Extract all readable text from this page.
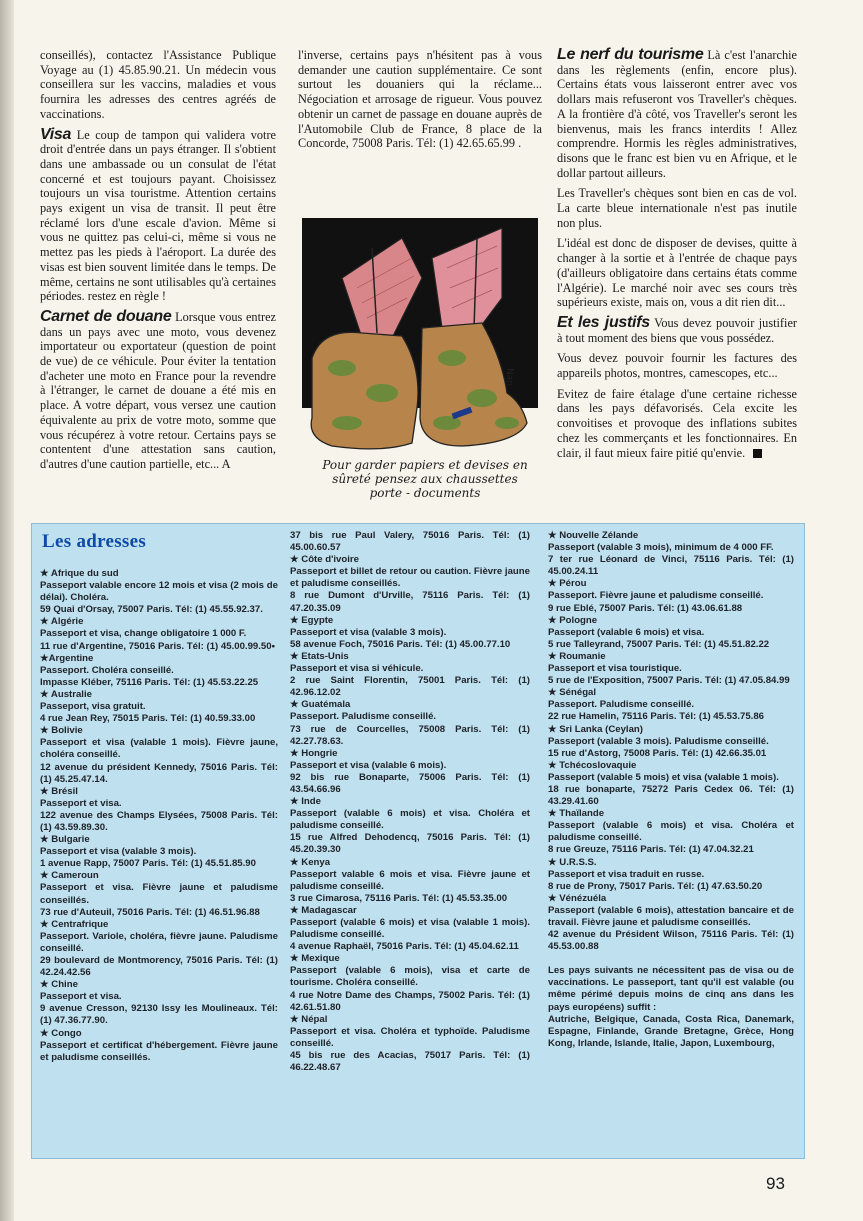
conseillés), contactez l'Assistance Publique Voyage au (1) 45.85.90.21. Un médecin vous conseillera sur les vaccins, maladies et vous fournira les adresses des centres agréés de vaccinations.

Visa Le coup de tampon qui validera votre droit d'entrée dans un pays étranger. Il s'obtient dans une ambassade ou un consulat de l'état concerné et est toujours payant. Choisissez toujours un visa touristme. Attention certains pays exigent un visa de transit. Il peut être réclamé lors d'une escale d'avion. Même si vous ne quittez pas celui-ci, même si vous ne mettez pas les pieds à l'aéroport. La durée des visas est bien souvent limitée dans le temps. De même, certains ne sont utilisables qu'à certaines périodes. restez en règle !

Carnet de douane Lorsque vous entrez dans un pays avec une moto, vous devenez importateur ou exportateur (question de point de vue) de ce véhicule. Pour éviter la tentation d'acheter une moto en France pour la revendre à l'étranger, le carnet de douane a été mis en place. A votre départ, vous versez une caution équivalente au prix de votre moto, somme que vous récupérez à votre retour. Certains pays se contentent d'une attestation sans caution, d'autres d'une caution partielle, etc... A

l'inverse, certains pays n'hésitent pas à vous demander une caution supplémentaire. Ce sont surtout les douaniers qui la réclame... Négociation et arrosage de rigueur. Vous pouvez obtenir un carnet de passage en douane auprès de l'Automobile Club de France, 8 place de la Concorde, 75008 Paris. Tél: (1) 42.65.65.99 .

Nan
Pour garder papiers et devises en
sûreté pensez aux chaussettes
porte - documents

Le nerf du tourisme Là c'est l'anarchie dans les règlements (enfin, encore plus). Certains états vous laisseront entrer avec vos dollars mais refuseront vos Traveller's chèques. A la frontière d'à côté, vos Traveller's seront les bienvenus, mais les francs interdits ! Allez comprendre. Hormis les règles administratives, disons que le franc est bien vu en Afrique, et le dollar partout ailleurs.

Les Traveller's chèques sont bien en cas de vol. La carte bleue internationale n'est pas inutile non plus.

L'idéal est donc de disposer de devises, quitte à changer à la sortie et à l'entrée de chaque pays (d'ailleurs obligatoire dans certains états comme l'Algérie). Le marché noir avec ses cours très supérieurs existe, mais on, vous a dit rien dit...

Et les justifs Vous devez pouvoir justifier à tout moment des biens que vous possédez.

Vous devez pouvoir fournir les factures des appareils photos, montres, camescopes, etc...

Evitez de faire étalage d'une certaine richesse dans les pays défavorisés. Cela excite les convoitises et provoque des inflations subites chez les commerçants et les fonctionnaires. En clair, il faut mieux faire pitié qu'envie.

Les adresses
★ Afrique du sud
Passeport valable encore 12 mois et visa (2 mois de délai). Choléra.
59 Quai d'Orsay, 75007 Paris. Tél: (1) 45.55.92.37.
★ Algérie
Passeport et visa, change obligatoire 1 000 F.
11 rue d'Argentine, 75016 Paris. Tél: (1) 45.00.99.50•
★Argentine
Passeport. Choléra conseillé.
Impasse Kléber, 75116 Paris. Tél: (1) 45.53.22.25
★ Australie
Passeport, visa gratuit.
4 rue Jean Rey, 75015 Paris. Tél: (1) 40.59.33.00
★ Bolivie
Passeport et visa (valable 1 mois). Fièvre jaune, choléra conseillé.
12 avenue du président Kennedy, 75016 Paris. Tél: (1) 45.25.47.14.
★ Brésil
Passeport et visa.
122 avenue des Champs Elysées, 75008 Paris. Tél: (1) 43.59.89.30.
★ Bulgarie
Passeport et visa (valable 3 mois).
1 avenue Rapp, 75007 Paris. Tél: (1) 45.51.85.90
★ Cameroun
Passeport et visa. Fièvre jaune et paludisme conseillés.
73 rue d'Auteuil, 75016 Paris. Tél: (1) 46.51.96.88
★ Centrafrique
Passeport. Variole, choléra, fièvre jaune. Paludisme conseillé.
29 boulevard de Montmorency, 75016 Paris. Tél: (1) 42.24.42.56
★ Chine
Passeport et visa.
9 avenue Cresson, 92130 Issy les Moulineaux. Tél: (1) 47.36.77.90.
★ Congo
Passeport et certificat d'hébergement. Fièvre jaune et paludisme conseillés.
37 bis rue Paul Valery, 75016 Paris. Tél: (1) 45.00.60.57
★ Côte d'ivoire
Passeport et billet de retour ou caution. Fièvre jaune et paludisme conseillés.
8 rue Dumont d'Urville, 75116 Paris. Tél: (1) 47.20.35.09
★ Egypte
Passeport et visa (valable 3 mois).
58 avenue Foch, 75016 Paris. Tél: (1) 45.00.77.10
★ Etats-Unis
Passeport et visa si véhicule.
2 rue Saint Florentin, 75001 Paris. Tél: (1) 42.96.12.02
★ Guatémala
Passeport. Paludisme conseillé.
73 rue de Courcelles, 75008 Paris. Tél: (1) 42.27.78.63.
★ Hongrie
Passeport et visa (valable 6 mois).
92 bis rue Bonaparte, 75006 Paris. Tél: (1) 43.54.66.96
★ Inde
Passeport (valable 6 mois) et visa. Choléra et paludisme conseillé.
15 rue Alfred Dehodencq, 75016 Paris. Tél: (1) 45.20.39.30
★ Kenya
Passeport valable 6 mois et visa. Fièvre jaune et paludisme conseillé.
3 rue Cimarosa, 75116 Paris. Tél: (1) 45.53.35.00
★ Madagascar
Passeport (valable 6 mois) et visa (valable 1 mois). Paludisme conseillé.
4 avenue Raphaël, 75016 Paris. Tél: (1) 45.04.62.11
★ Mexique
Passeport (valable 6 mois), visa et carte de tourisme. Choléra conseillé.
4 rue Notre Dame des Champs, 75002 Paris. Tél: (1) 42.61.51.80
★ Népal
Passeport et visa. Choléra et typhoïde. Paludisme conseillé.
45 bis rue des Acacias, 75017 Paris. Tél: (1) 46.22.48.67
★ Nouvelle Zélande
Passeport (valable 3 mois), minimum de 4 000 FF.
7 ter rue Léonard de Vinci, 75116 Paris. Tél: (1) 45.00.24.11
★ Pérou
Passeport. Fièvre jaune et paludisme conseillé.
9 rue Eblé, 75007 Paris. Tél: (1) 43.06.61.88
★ Pologne
Passeport (valable 6 mois) et visa.
5 rue Talleyrand, 75007 Paris. Tél: (1) 45.51.82.22
★ Roumanie
Passeport et visa touristique.
5 rue de l'Exposition, 75007 Paris. Tél: (1) 47.05.84.99
★ Sénégal
Passeport. Paludisme conseillé.
22 rue Hamelin, 75116 Paris. Tél: (1) 45.53.75.86
★ Sri Lanka (Ceylan)
Passeport (valable 3 mois). Paludisme conseillé.
15 rue d'Astorg, 75008 Paris. Tél: (1) 42.66.35.01
★ Tchécoslovaquie
Passeport (valable 5 mois) et visa (valable 1 mois).
18 rue bonaparte, 75272 Paris Cedex 06. Tél: (1) 43.29.41.60
★ Thaïlande
Passeport (valable 6 mois) et visa. Choléra et paludisme conseillé.
8 rue Greuze, 75116 Paris. Tél: (1) 47.04.32.21
★ U.R.S.S.
Passeport et visa traduit en russe.
8 rue de Prony, 75017 Paris. Tél: (1) 47.63.50.20
★ Vénézuéla
Passeport (valable 6 mois), attestation bancaire et de travail. Fièvre jaune et paludisme conseillés.
42 avenue du Président Wilson, 75116 Paris. Tél: (1) 45.53.00.88
Les pays suivants ne nécessitent pas de visa ou de vaccinations. Le passeport, tant qu'il est valable (ou même périmé depuis moins de cinq ans dans les pays européens) suffit :
Autriche, Belgique, Canada, Costa Rica, Danemark, Espagne, Finlande, Grande Bretagne, Grèce, Hong Kong, Irlande, Islande, Italie, Japon, Luxembourg,
93
